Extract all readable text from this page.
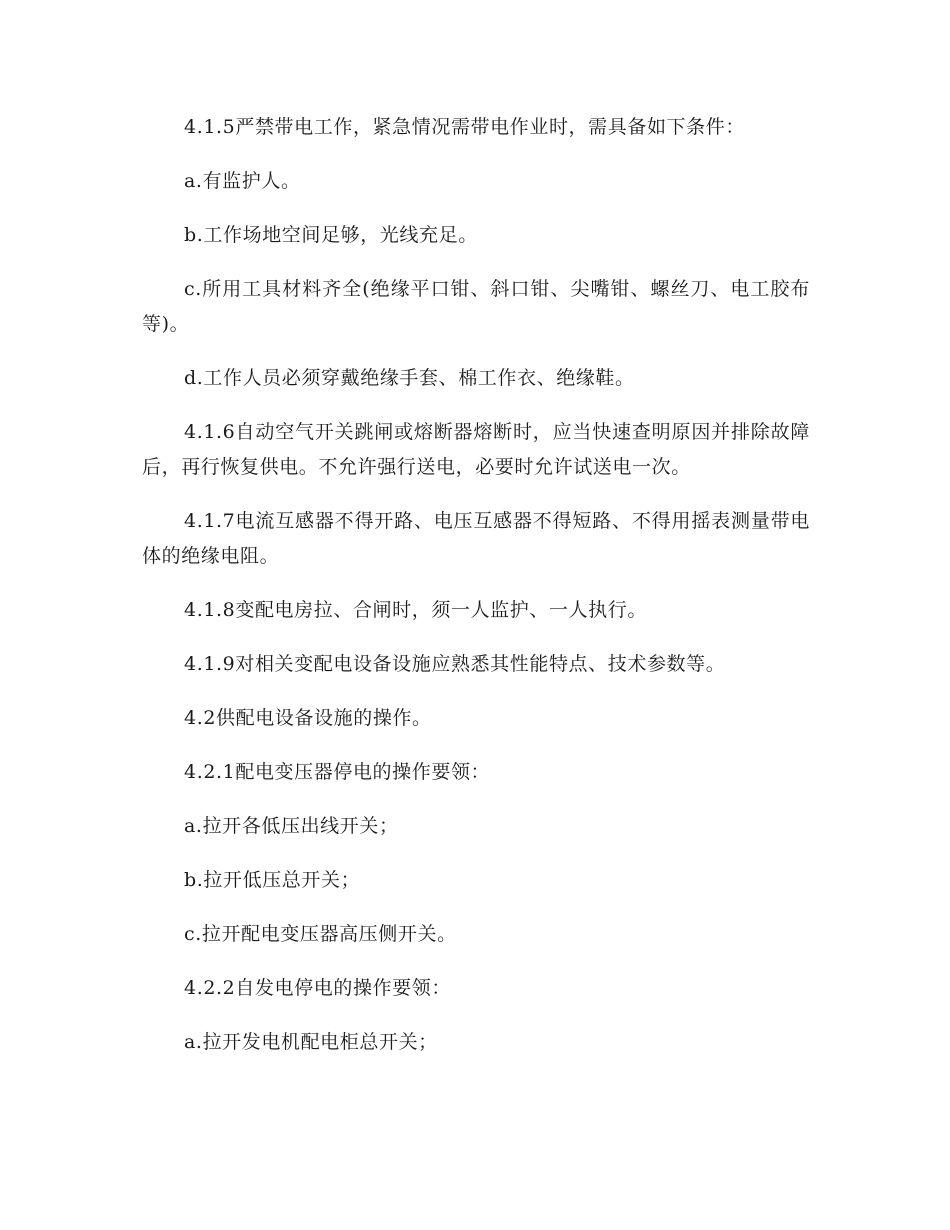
4.1.5严禁带电工作，紧急情况需带电作业时，需具备如下条件：

a.有监护人。

b.工作场地空间足够，光线充足。

c.所用工具材料齐全(绝缘平口钳、斜口钳、尖嘴钳、螺丝刀、电工胶布等)。

d.工作人员必须穿戴绝缘手套、棉工作衣、绝缘鞋。

4.1.6自动空气开关跳闸或熔断器熔断时，应当快速查明原因并排除故障后，再行恢复供电。不允许强行送电，必要时允许试送电一次。

4.1.7电流互感器不得开路、电压互感器不得短路、不得用摇表测量带电体的绝缘电阻。

4.1.8变配电房拉、合闸时，须一人监护、一人执行。

4.1.9对相关变配电设备设施应熟悉其性能特点、技术参数等。

4.2供配电设备设施的操作。

4.2.1配电变压器停电的操作要领：

a.拉开各低压出线开关；

b.拉开低压总开关；

c.拉开配电变压器高压侧开关。

4.2.2自发电停电的操作要领：

a.拉开发电机配电柜总开关；
